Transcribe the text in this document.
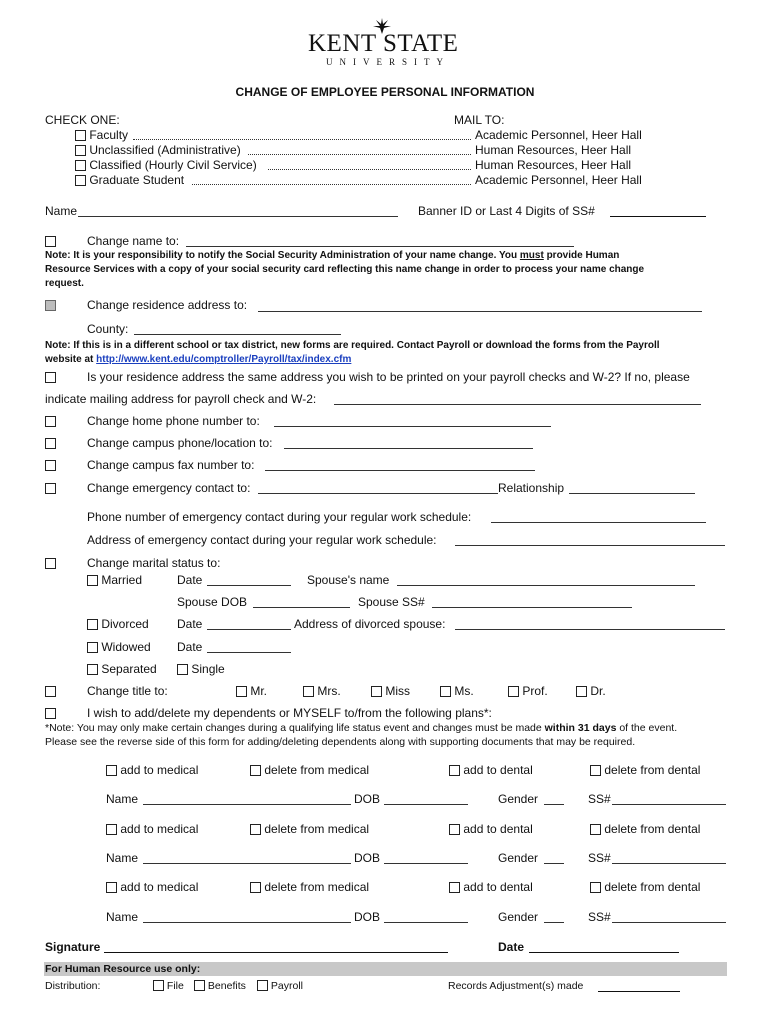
KENT STATE
UNIVERSITY
CHANGE OF EMPLOYEE PERSONAL INFORMATION
CHECK ONE:	MAIL TO:
Faculty	Academic Personnel, Heer Hall
Unclassified (Administrative)	Human Resources, Heer Hall
Classified (Hourly Civil Service)	Human Resources, Heer Hall
Graduate Student	Academic Personnel, Heer Hall
Name	Banner ID or Last 4 Digits of SS#
Change name to:
Note: It is your responsibility to notify the Social Security Administration of your name change. You must provide Human
Resource Services with a copy of your social security card reflecting this name change in order to process your name change
request.
Change residence address to:
County:
Note: If this is in a different school or tax district, new forms are required. Contact Payroll or download the forms from the Payroll
website at http://www.kent.edu/comptroller/Payroll/tax/index.cfm
Is your residence address the same address you wish to be printed on your payroll checks and W-2? If no, please
indicate mailing address for payroll check and W-2:
Change home phone number to:
Change campus phone/location to:
Change campus fax number to:
Change emergency contact to:	Relationship
Phone number of emergency contact during your regular work schedule:
Address of emergency contact during your regular work schedule:
Change marital status to:
Married	Date	Spouse's name
Spouse DOB	Spouse SS#
Divorced Date	Address of divorced spouse:
Widowed Date
Separated	Single
Change title to:	Mr.	Mrs.	Miss	Ms.	Prof.	Dr.
I wish to add/delete my dependents or MYSELF to/from the following plans*:
*Note: You may only make certain changes during a qualifying life status event and changes must be made within 31 days of the event.
Please see the reverse side of this form for adding/deleting dependents along with supporting documents that may be required.
add to medical	delete from medical	add to dental	delete from dental
Name	DOB	Gender	SS#
add to medical	delete from medical	add to dental	delete from dental
Name	DOB	Gender	SS#
add to medical	delete from medical	add to dental	delete from dental
Name	DOB	Gender	SS#
Signature	Date
For Human Resource use only:
Distribution:	File	Benefits	Payroll	Records Adjustment(s) made
